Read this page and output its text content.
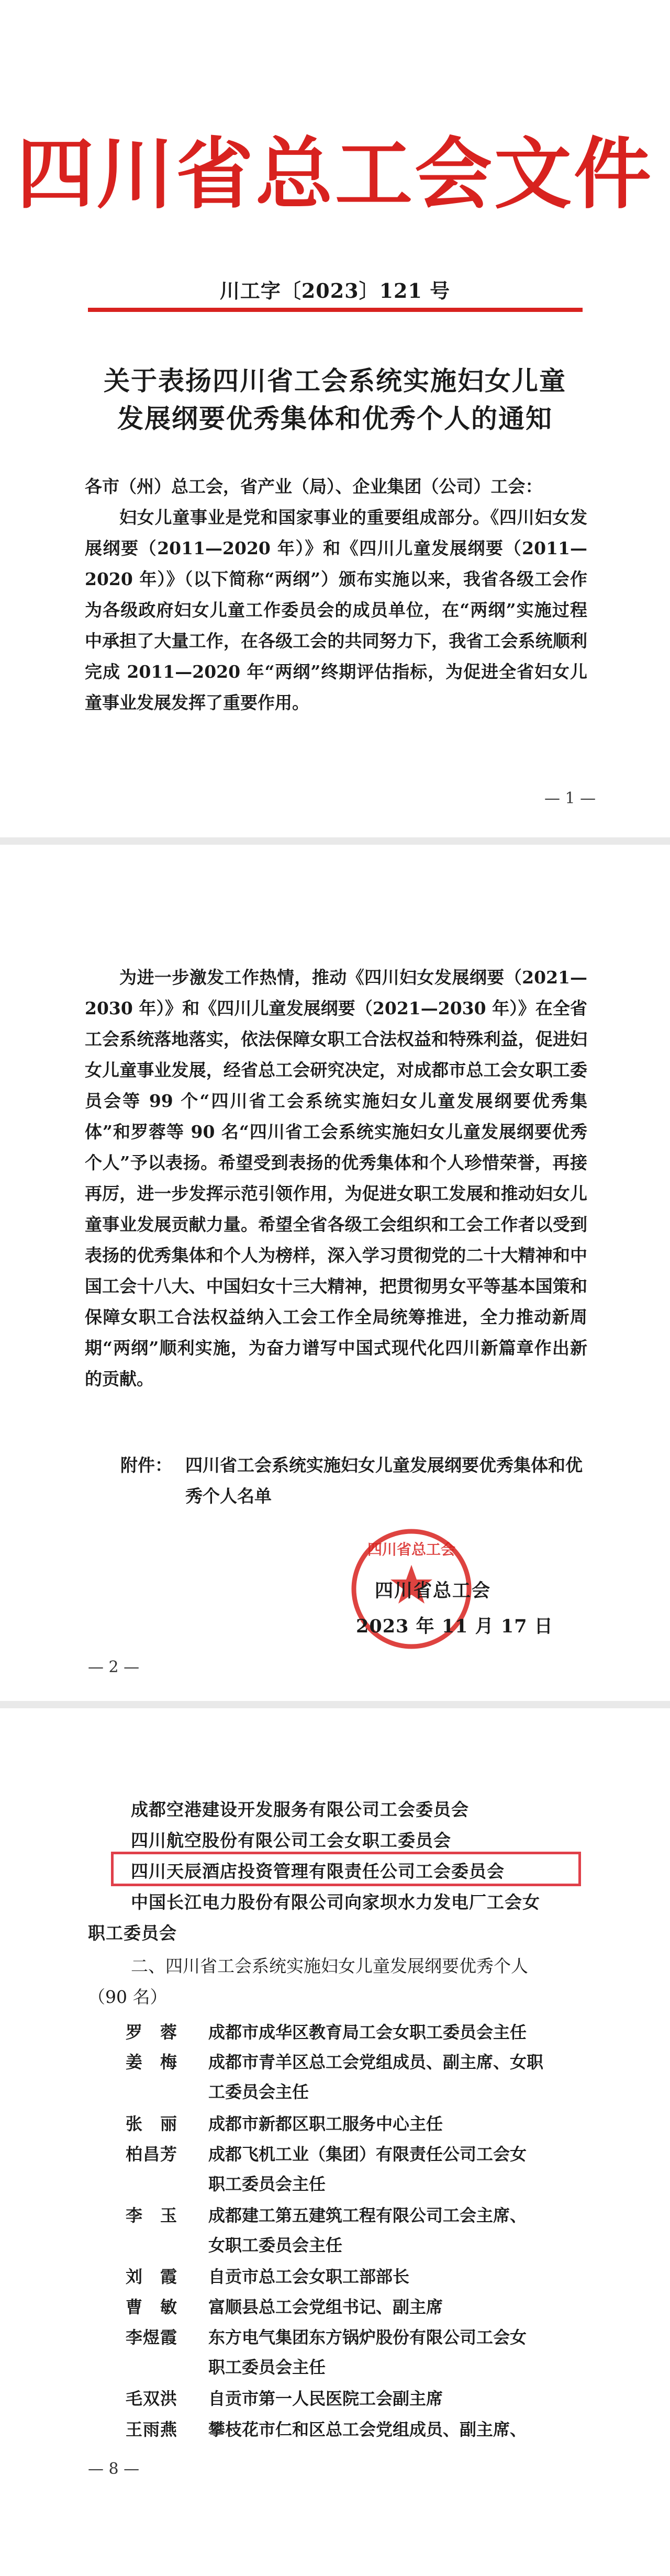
四川省总工会文件
川工字〔2023〕121 号
关于表扬四川省工会系统实施妇女儿童
发展纲要优秀集体和优秀个人的通知

各市（州）总工会，省产业（局）、企业集团（公司）工会：

妇女儿童事业是党和国家事业的重要组成部分。《四川妇女发展纲要（2011—2020 年）》和《四川儿童发展纲要（2011—2020 年）》（以下简称“两纲”）颁布实施以来，我省各级工会作为各级政府妇女儿童工作委员会的成员单位，在“两纲”实施过程中承担了大量工作，在各级工会的共同努力下，我省工会系统顺利完成 2011—2020 年“两纲”终期评估指标，为促进全省妇女儿童事业发展发挥了重要作用。

— 1 —

为进一步激发工作热情，推动《四川妇女发展纲要（2021—2030 年）》和《四川儿童发展纲要（2021—2030 年）》在全省工会系统落地落实，依法保障女职工合法权益和特殊利益，促进妇女儿童事业发展，经省总工会研究决定，对成都市总工会女职工委员会等 99 个“四川省工会系统实施妇女儿童发展纲要优秀集体”和罗蓉等 90 名“四川省工会系统实施妇女儿童发展纲要优秀个人”予以表扬。希望受到表扬的优秀集体和个人珍惜荣誉，再接再厉，进一步发挥示范引领作用，为促进女职工发展和推动妇女儿童事业发展贡献力量。希望全省各级工会组织和工会工作者以受到表扬的优秀集体和个人为榜样，深入学习贯彻党的二十大精神和中国工会十八大、中国妇女十三大精神，把贯彻男女平等基本国策和保障女职工合法权益纳入工会工作全局统筹推进，全力推动新周期“两纲”顺利实施，为奋力谱写中国式现代化四川新篇章作出新的贡献。

附件： 四川省工会系统实施妇女儿童发展纲要优秀集体和优秀个人名单
四川省总工会
四川省总工会
2023 年 11 月 17 日
— 2 —
成都空港建设开发服务有限公司工会委员会
四川航空股份有限公司工会女职工委员会
四川天辰酒店投资管理有限责任公司工会委员会
中国长江电力股份有限公司向家坝水力发电厂工会女
职工委员会
二、四川省工会系统实施妇女儿童发展纲要优秀个人
（90 名）
罗　蓉	成都市成华区教育局工会女职工委员会主任
姜　梅	成都市青羊区总工会党组成员、副主席、女职
工委员会主任
张　丽	成都市新都区职工服务中心主任
柏昌芳	成都飞机工业（集团）有限责任公司工会女
职工委员会主任
李　玉	成都建工第五建筑工程有限公司工会主席、
女职工委员会主任
刘　霞	自贡市总工会女职工部部长
曹　敏	富顺县总工会党组书记、副主席
李煜霞	东方电气集团东方锅炉股份有限公司工会女
职工委员会主任
毛双洪	自贡市第一人民医院工会副主席
王雨燕	攀枝花市仁和区总工会党组成员、副主席、
— 8 —
